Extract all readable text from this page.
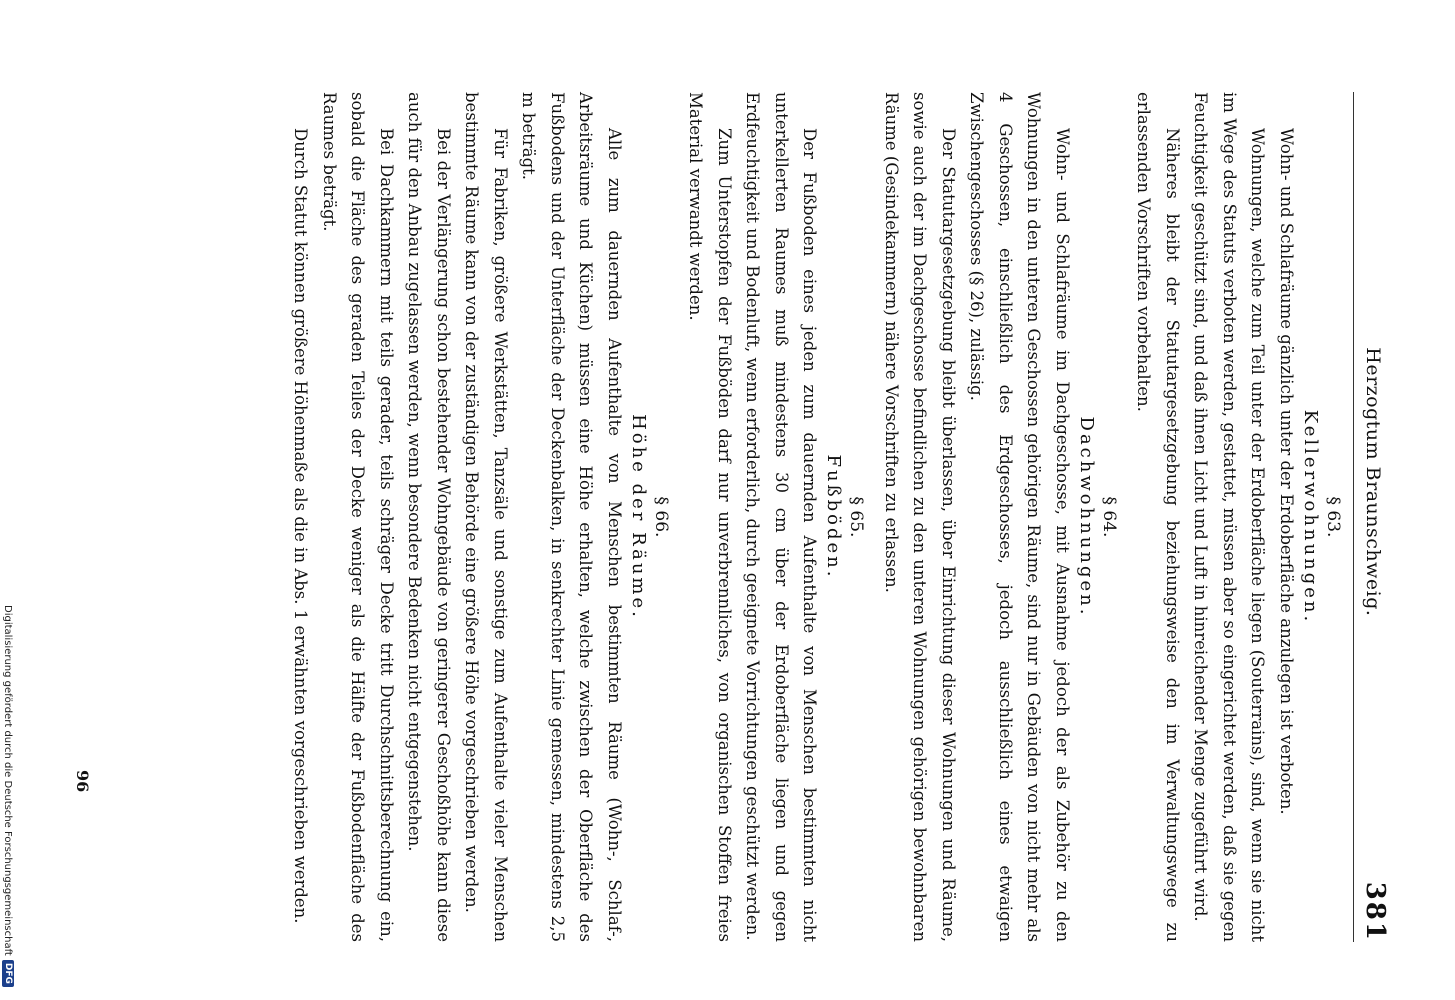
Herzogtum Braunschweig.
381
§ 63.
Kellerwohnungen.

Wohn- und Schlafräume gänzlich unter der Erdoberfläche anzulegen ist verboten.

Wohnungen, welche zum Teil unter der Erdoberfläche liegen (Souterrains), sind, wenn sie nicht im Wege des Statuts verboten werden, gestattet, müssen aber so eingerichtet werden, daß sie gegen Feuchtigkeit geschützt sind, und daß ihnen Licht und Luft in hinreichender Menge zugeführt wird.

Näheres bleibt der Statutargesetzgebung beziehungsweise den im Verwaltungswege zu erlassenden Vorschriften vorbehalten.

§ 64.
Dachwohnungen.

Wohn- und Schlafräume im Dachgeschosse, mit Ausnahme jedoch der als Zubehör zu den Wohnungen in den unteren Geschossen gehörigen Räume, sind nur in Gebäuden von nicht mehr als 4 Geschossen, einschließlich des Erdgeschosses, jedoch ausschließlich eines etwaigen Zwischengeschosses (§ 26), zulässig.

Der Statutargesetzgebung bleibt überlassen, über Einrichtung dieser Wohnungen und Räume, sowie auch der im Dachgeschosse befindlichen zu den unteren Wohnungen gehörigen bewohnbaren Räume (Gesindekammern) nähere Vorschriften zu erlassen.

§ 65.
Fußböden.

Der Fußboden eines jeden zum dauernden Aufenthalte von Menschen bestimmten nicht unterkellerten Raumes muß mindestens 30 cm über der Erdoberfläche liegen und gegen Erdfeuchtigkeit und Bodenluft, wenn erforderlich, durch geeignete Vorrichtungen geschützt werden.

Zum Unterstopfen der Fußböden darf nur unverbrennliches, von organischen Stoffen freies Material verwandt werden.

§ 66.
Höhe der Räume.

Alle zum dauernden Aufenthalte von Menschen bestimmten Räume (Wohn-, Schlaf-, Arbeitsräume und Küchen) müssen eine Höhe erhalten, welche zwischen der Oberfläche des Fußbodens und der Unterfläche der Deckenbalken, in senkrechter Linie gemessen, mindestens 2,5 m beträgt.

Für Fabriken, größere Werkstätten, Tanzsäle und sonstige zum Aufenthalte vieler Menschen bestimmte Räume kann von der zuständigen Behörde eine größere Höhe vorgeschrieben werden.

Bei der Verlängerung schon bestehender Wohngebäude von geringerer Geschoßhöhe kann diese auch für den Anbau zugelassen werden, wenn besondere Bedenken nicht entgegenstehen.

Bei Dachkammern mit teils gerader, teils schräger Decke tritt Durchschnittsberechnung ein, sobald die Fläche des geraden Teiles der Decke weniger als die Hälfte der Fußbodenfläche des Raumes beträgt.

Durch Statut können größere Höhenmaße als die in Abs. 1 erwähnten vorgeschrieben werden.

96
Digitalisierung gefördert durch die Deutsche Forschungsgemeinschaft
DFG
